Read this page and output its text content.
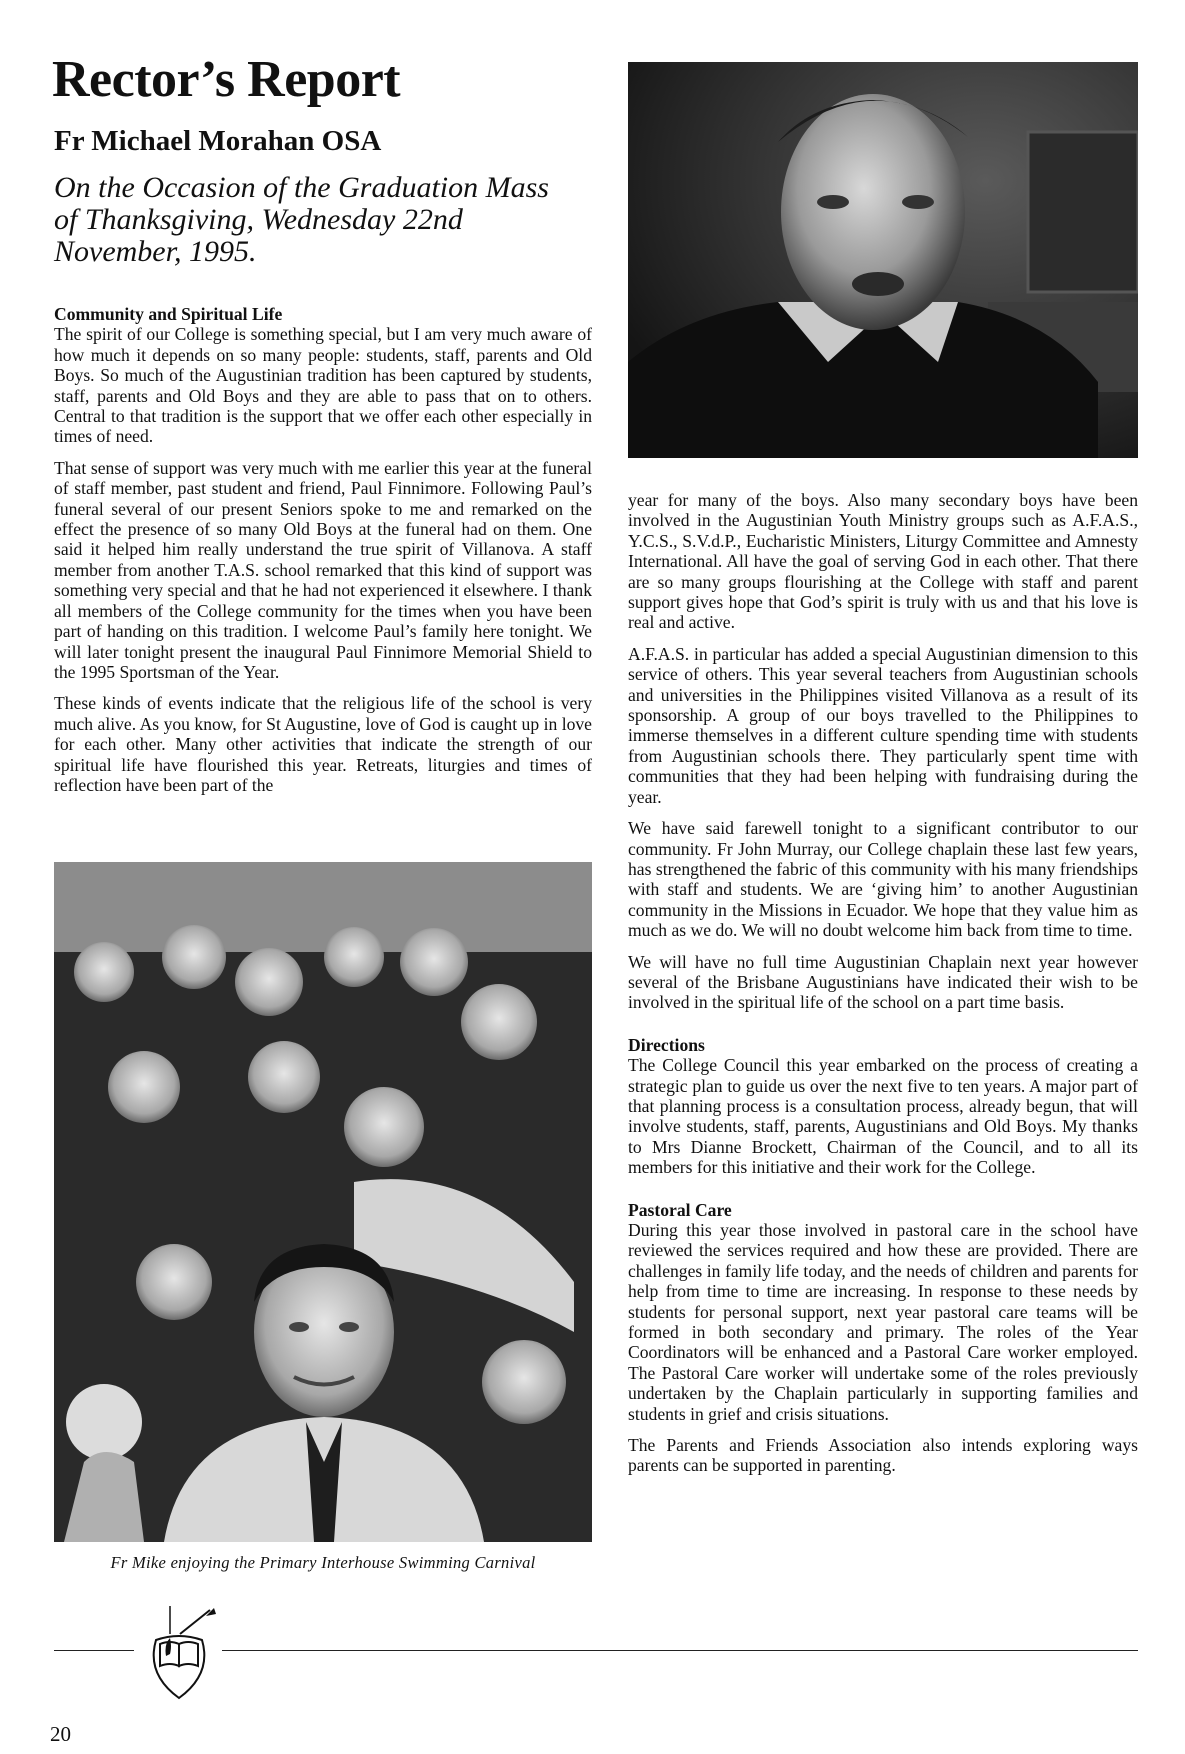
Rector’s Report
Fr Michael Morahan OSA
On the Occasion of the Graduation Mass of Thanksgiving, Wednesday 22nd November, 1995.
Community and Spiritual Life

The spirit of our College is something special, but I am very much aware of how much it depends on so many people: students, staff, parents and Old Boys. So much of the Augustinian tradition has been captured by students, staff, parents and Old Boys and they are able to pass that on to others. Central to that tradition is the support that we offer each other especially in times of need.

That sense of support was very much with me earlier this year at the funeral of staff member, past student and friend, Paul Finnimore. Following Paul’s funeral several of our present Seniors spoke to me and remarked on the effect the presence of so many Old Boys at the funeral had on them. One said it helped him really understand the true spirit of Villanova. A staff member from another T.A.S. school remarked that this kind of support was something very special and that he had not experienced it elsewhere. I thank all members of the College community for the times when you have been part of handing on this tradition. I welcome Paul’s family here tonight. We will later tonight present the inaugural Paul Finnimore Memorial Shield to the 1995 Sportsman of the Year.

These kinds of events indicate that the religious life of the school is very much alive. As you know, for St Augustine, love of God is caught up in love for each other. Many other activities that indicate the strength of our spiritual life have flourished this year. Retreats, liturgies and times of reflection have been part of the

Fr Mike enjoying the Primary Interhouse Swimming Carnival

year for many of the boys. Also many secondary boys have been involved in the Augustinian Youth Ministry groups such as A.F.A.S., Y.C.S., S.V.d.P., Eucharistic Ministers, Liturgy Committee and Amnesty International. All have the goal of serving God in each other. That there are so many groups flourishing at the College with staff and parent support gives hope that God’s spirit is truly with us and that his love is real and active.

A.F.A.S. in particular has added a special Augustinian dimension to this service of others. This year several teachers from Augustinian schools and universities in the Philippines visited Villanova as a result of its sponsorship. A group of our boys travelled to the Philippines to immerse themselves in a different culture spending time with students from Augustinian schools there. They particularly spent time with communities that they had been helping with fundraising during the year.

We have said farewell tonight to a significant contributor to our community. Fr John Murray, our College chaplain these last few years, has strengthened the fabric of this community with his many friendships with staff and students. We are ‘giving him’ to another Augustinian community in the Missions in Ecuador. We hope that they value him as much as we do. We will no doubt welcome him back from time to time.

We will have no full time Augustinian Chaplain next year however several of the Brisbane Augustinians have indicated their wish to be involved in the spiritual life of the school on a part time basis.

Directions

The College Council this year embarked on the process of creating a strategic plan to guide us over the next five to ten years. A major part of that planning process is a consultation process, already begun, that will involve students, staff, parents, Augustinians and Old Boys. My thanks to Mrs Dianne Brockett, Chairman of the Council, and to all its members for this initiative and their work for the College.

Pastoral Care

During this year those involved in pastoral care in the school have reviewed the services required and how these are provided. There are challenges in family life today, and the needs of children and parents for help from time to time are increasing. In response to these needs by students for personal support, next year pastoral care teams will be formed in both secondary and primary. The roles of the Year Coordinators will be enhanced and a Pastoral Care worker employed. The Pastoral Care worker will undertake some of the roles previously undertaken by the Chaplain particularly in supporting families and students in grief and crisis situations.

The Parents and Friends Association also intends exploring ways parents can be supported in parenting.

20
